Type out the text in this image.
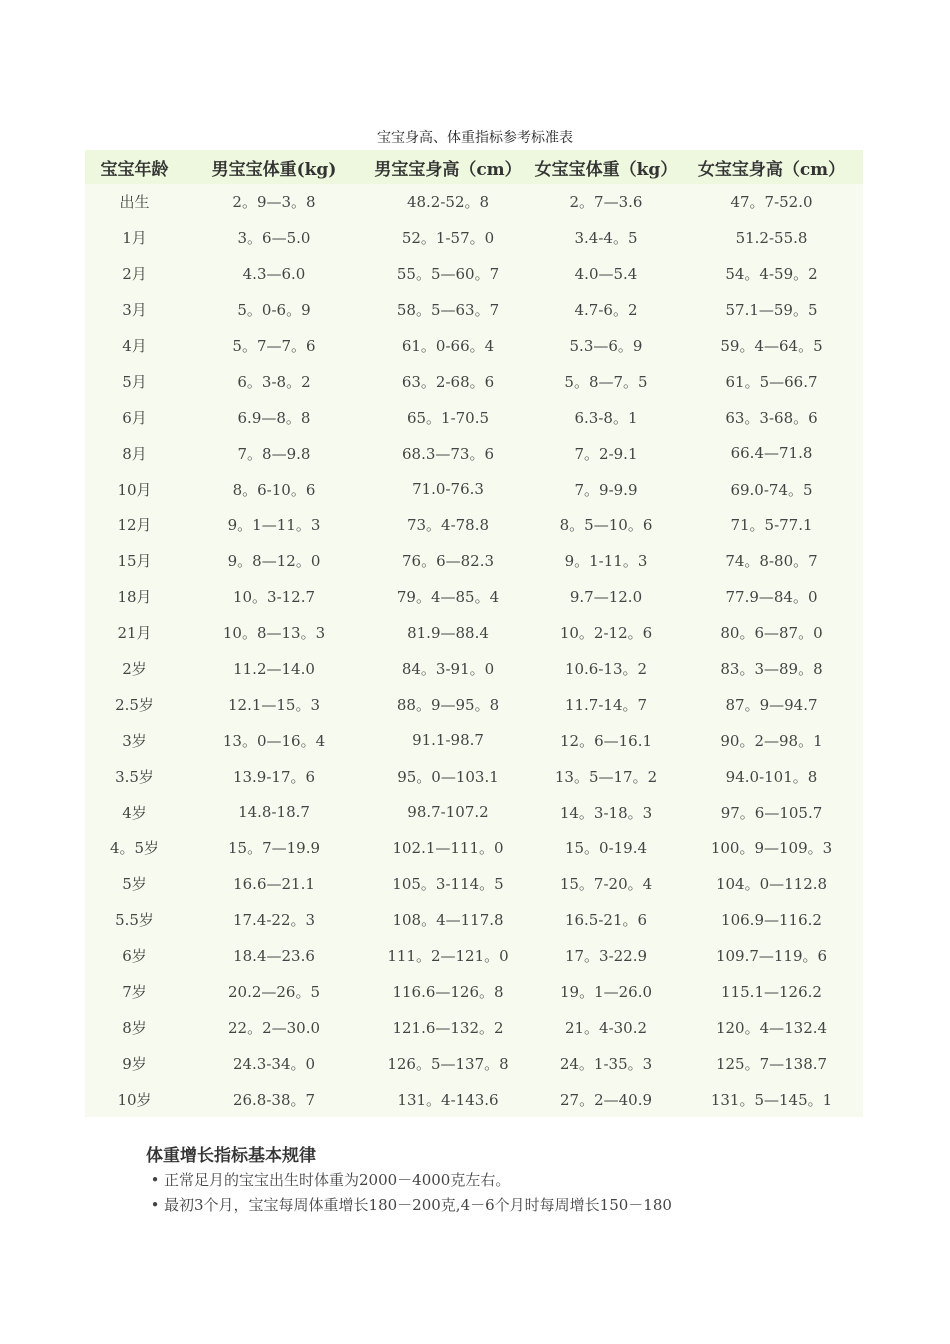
宝宝身高、体重指标参考标准表
宝宝年龄	男宝宝体重(kg)	男宝宝身高（cm）	女宝宝体重（kg）	女宝宝身高（cm）
出生	2。9—3。8	48.2-52。8	2。7—3.6	47。7-52.0
1月	3。6—5.0	52。1-57。0	3.4-4。5	51.2-55.8
2月	4.3—6.0	55。5—60。7	4.0—5.4	54。4-59。2
3月	5。0-6。9	58。5—63。7	4.7-6。2	57.1—59。5
4月	5。7—7。6	61。0-66。4	5.3—6。9	59。4—64。5
5月	6。3-8。2	63。2-68。6	5。8—7。5	61。5—66.7
6月	6.9—8。8	65。1-70.5	6.3-8。1	63。3-68。6
8月	7。8—9.8	68.3—73。6	7。2-9.1	66.4—71.8
10月	8。6-10。6	71.0-76.3	7。9-9.9	69.0-74。5
12月	9。1—11。3	73。4-78.8	8。5—10。6	71。5-77.1
15月	9。8—12。0	76。6—82.3	9。1-11。3	74。8-80。7
18月	10。3-12.7	79。4—85。4	9.7—12.0	77.9—84。0
21月	10。8—13。3	81.9—88.4	10。2-12。6	80。6—87。0
2岁	11.2—14.0	84。3-91。0	10.6-13。2	83。3—89。8
2.5岁	12.1—15。3	88。9—95。8	11.7-14。7	87。9—94.7
3岁	13。0—16。4	91.1-98.7	12。6—16.1	90。2—98。1
3.5岁	13.9-17。6	95。0—103.1	13。5—17。2	94.0-101。8
4岁	14.8-18.7	98.7-107.2	14。3-18。3	97。6—105.7
4。5岁	15。7—19.9	102.1—111。0	15。0-19.4	100。9—109。3
5岁	16.6—21.1	105。3-114。5	15。7-20。4	104。0—112.8
5.5岁	17.4-22。3	108。4—117.8	16.5-21。6	106.9—116.2
6岁	18.4—23.6	111。2—121。0	17。3-22.9	109.7—119。6
7岁	20.2—26。5	116.6—126。8	19。1—26.0	115.1—126.2
8岁	22。2—30.0	121.6—132。2	21。4-30.2	120。4—132.4
9岁	24.3-34。0	126。5—137。8	24。1-35。3	125。7—138.7
10岁	26.8-38。7	131。4-143.6	27。2—40.9	131。5—145。1
体重增长指标基本规律
• 正常足月的宝宝出生时体重为2000－4000克左右。
• 最初3个月，宝宝每周体重增长180－200克,4－6个月时每周增长150－180
